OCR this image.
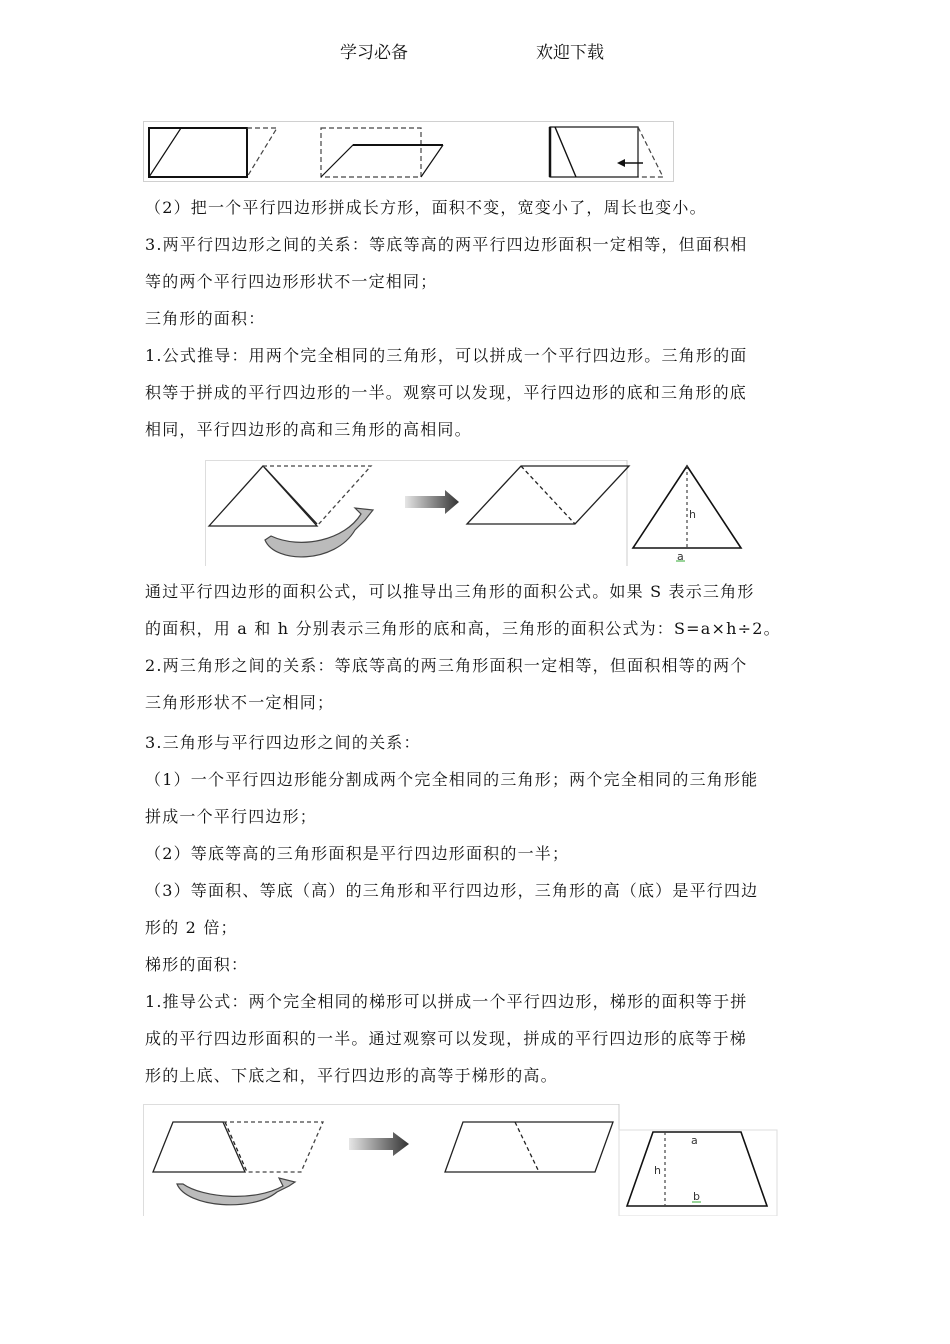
学习必备	欢迎下载
（2）把一个平行四边形拼成长方形，面积不变，宽变小了，周长也变小。
3.两平行四边形之间的关系：等底等高的两平行四边形面积一定相等，但面积相
等的两个平行四边形形状不一定相同；
三角形的面积：
1.公式推导：用两个完全相同的三角形，可以拼成一个平行四边形。三角形的面
积等于拼成的平行四边形的一半。观察可以发现，平行四边形的底和三角形的底
相同，平行四边形的高和三角形的高相同。
h
a
通过平行四边形的面积公式，可以推导出三角形的面积公式。如果 S 表示三角形
的面积，用 a 和 h 分别表示三角形的底和高，三角形的面积公式为：S=a×h÷2。
2.两三角形之间的关系：等底等高的两三角形面积一定相等，但面积相等的两个
三角形形状不一定相同；
3.三角形与平行四边形之间的关系：
（1）一个平行四边形能分割成两个完全相同的三角形；两个完全相同的三角形能
拼成一个平行四边形；
（2）等底等高的三角形面积是平行四边形面积的一半；
（3）等面积、等底（高）的三角形和平行四边形，三角形的高（底）是平行四边
形的 2 倍；
梯形的面积：
1.推导公式：两个完全相同的梯形可以拼成一个平行四边形，梯形的面积等于拼
成的平行四边形面积的一半。通过观察可以发现，拼成的平行四边形的底等于梯
形的上底、下底之和，平行四边形的高等于梯形的高。
a
h
b
